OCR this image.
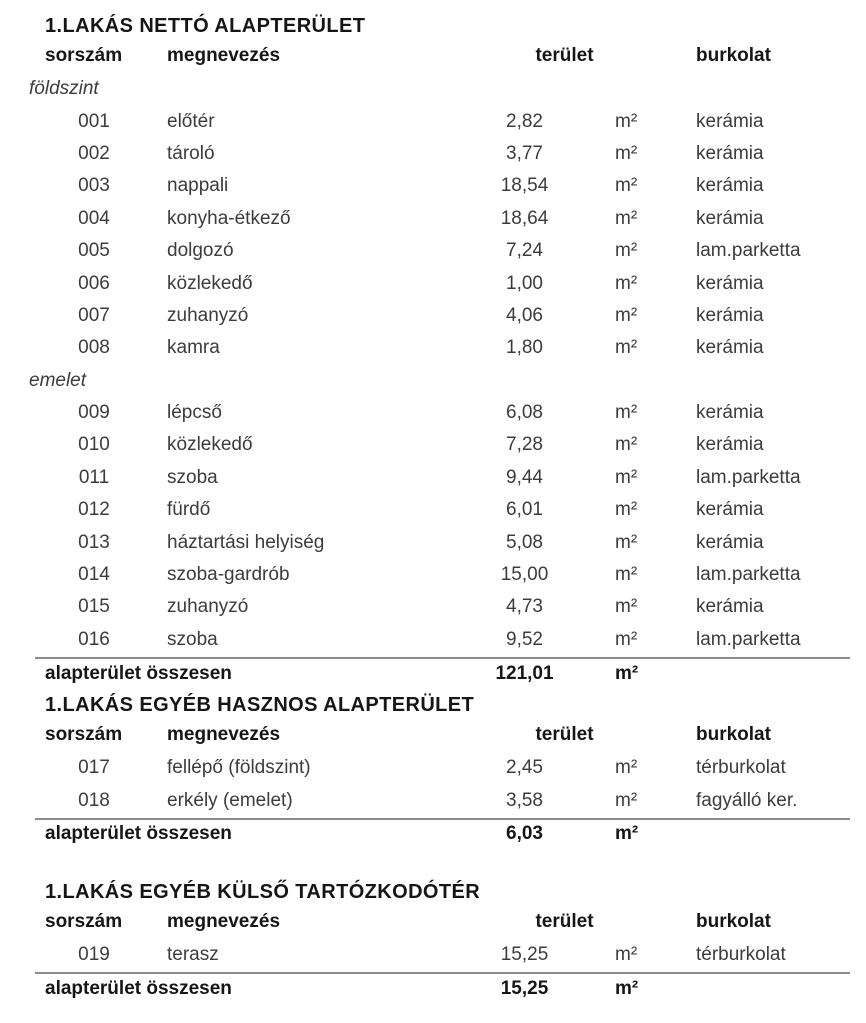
1.LAKÁS NETTÓ ALAPTERÜLET
sorszám	megnevezés	terület	burkolat
földszint
001	előtér	2,82	m²	kerámia
002	tároló	3,77	m²	kerámia
003	nappali	18,54	m²	kerámia
004	konyha-étkező	18,64	m²	kerámia
005	dolgozó	7,24	m²	lam.parketta
006	közlekedő	1,00	m²	kerámia
007	zuhanyzó	4,06	m²	kerámia
008	kamra	1,80	m²	kerámia
emelet
009	lépcső	6,08	m²	kerámia
010	közlekedő	7,28	m²	kerámia
011	szoba	9,44	m²	lam.parketta
012	fürdő	6,01	m²	kerámia
013	háztartási helyiség	5,08	m²	kerámia
014	szoba-gardrób	15,00	m²	lam.parketta
015	zuhanyzó	4,73	m²	kerámia
016	szoba	9,52	m²	lam.parketta
alapterület összesen	121,01	m²
1.LAKÁS EGYÉB HASZNOS ALAPTERÜLET
sorszám	megnevezés	terület	burkolat
017	fellépő (földszint)	2,45	m²	térburkolat
018	erkély (emelet)	3,58	m²	fagyálló ker.
alapterület összesen	6,03	m²
1.LAKÁS EGYÉB KÜLSŐ TARTÓZKODÓTÉR
sorszám	megnevezés	terület	burkolat
019	terasz	15,25	m²	térburkolat
alapterület összesen	15,25	m²
